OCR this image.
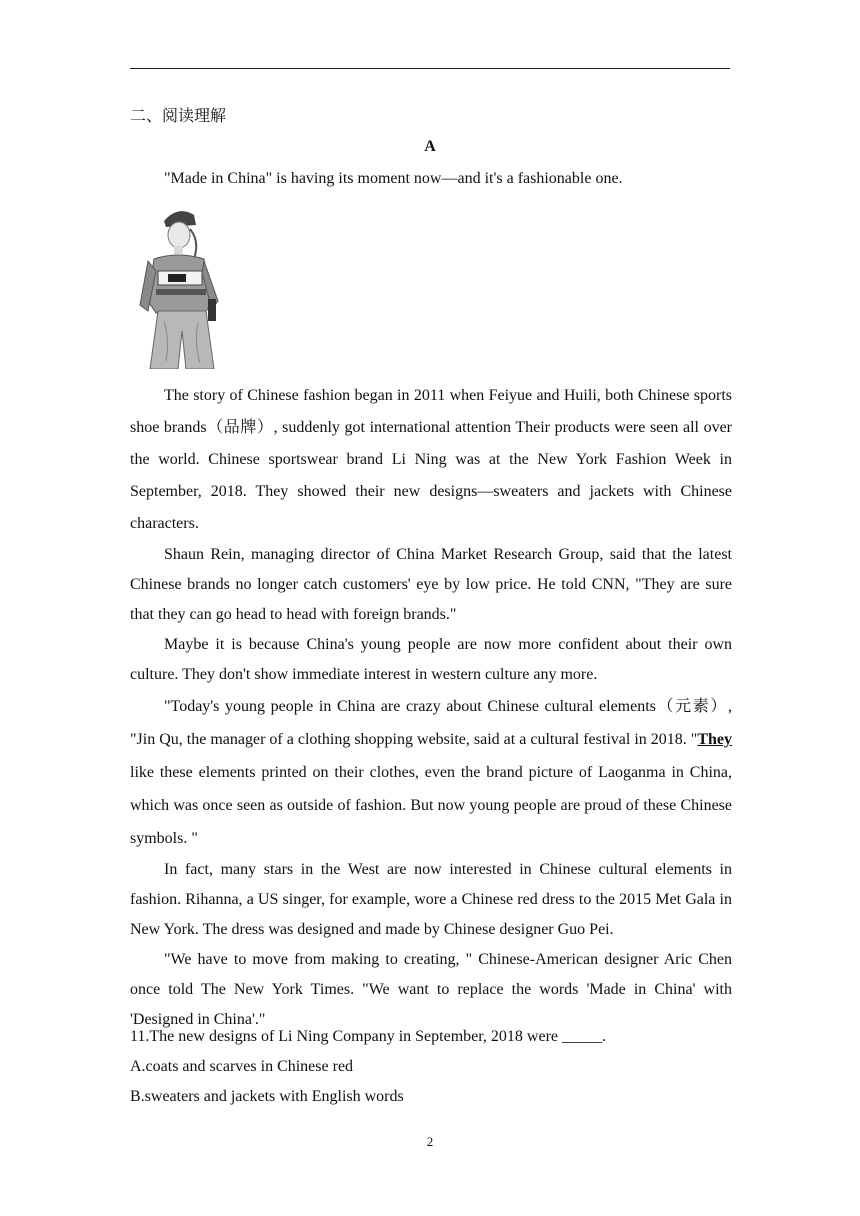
二、阅读理解
A
"Made in China" is having its moment now—and it's a fashionable one.

The story of Chinese fashion began in 2011 when Feiyue and Huili, both Chinese sports shoe brands（品牌）, suddenly got international attention Their products were seen all over the world. Chinese sportswear brand Li Ning was at the New York Fashion Week in September, 2018. They showed their new designs—sweaters and jackets with Chinese characters.

Shaun Rein, managing director of China Market Research Group, said that the latest Chinese brands no longer catch customers' eye by low price. He told CNN, "They are sure that they can go head to head with foreign brands."

Maybe it is because China's young people are now more confident about their own culture. They don't show immediate interest in western culture any more.

"Today's young people in China are crazy about Chinese cultural elements（元素）, "Jin Qu, the manager of a clothing shopping website, said at a cultural festival in 2018. "They like these elements printed on their clothes, even the brand picture of Laoganma in China, which was once seen as outside of fashion. But now young people are proud of these Chinese symbols. "

In fact, many stars in the West are now interested in Chinese cultural elements in fashion. Rihanna, a US singer, for example, wore a Chinese red dress to the 2015 Met Gala in New York. The dress was designed and made by Chinese designer Guo Pei.

"We have to move from making to creating, " Chinese-American designer Aric Chen once told The New York Times. "We want to replace the words 'Made in China' with 'Designed in China'."

11.The new designs of Li Ning Company in September, 2018 were _____.
A.coats and scarves in Chinese red
B.sweaters and jackets with English words
2
